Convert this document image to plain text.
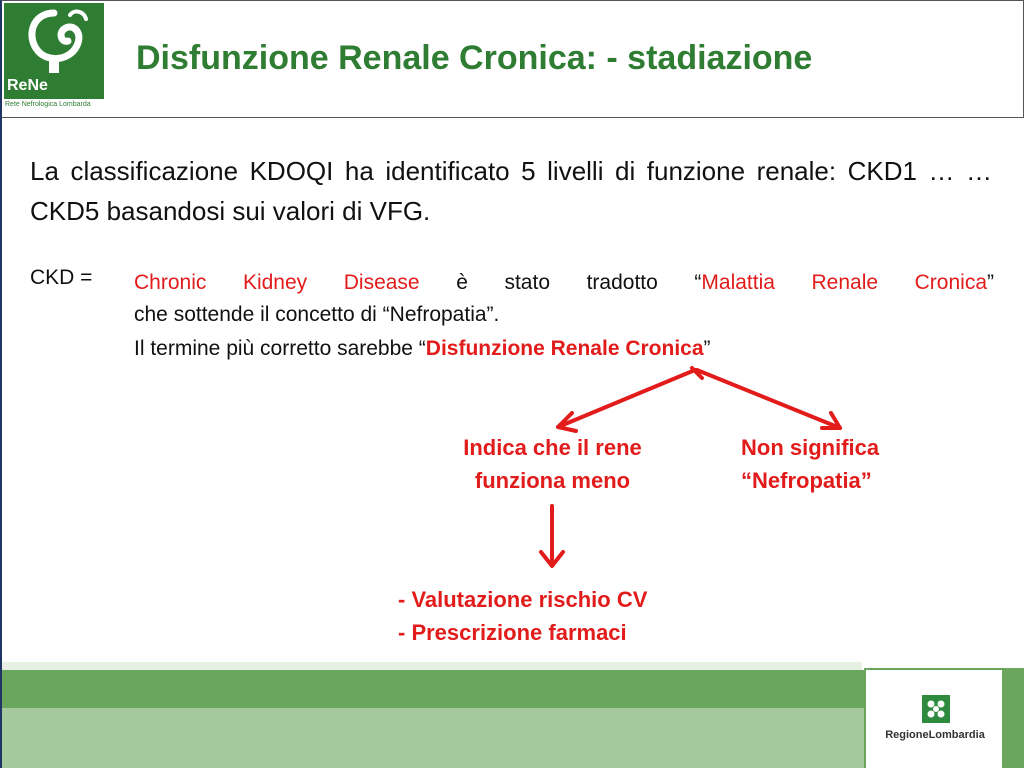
ReNe
Rete Nefrologica Lombarda
Disfunzione Renale Cronica: - stadiazione

La classificazione KDOQI ha identificato 5 livelli di funzione renale: CKD1 … … CKD5 basandosi sui valori di VFG.

CKD = Chronic Kidney Disease è stato tradotto “Malattia Renale Cronica”
che sottende il concetto di “Nefropatia”.
Il termine più corretto sarebbe “Disfunzione Renale Cronica”
Indica che il rene
funziona meno
Non significa
“Nefropatia”
- Valutazione rischio CV
- Prescrizione farmaci
RegioneLombardia
